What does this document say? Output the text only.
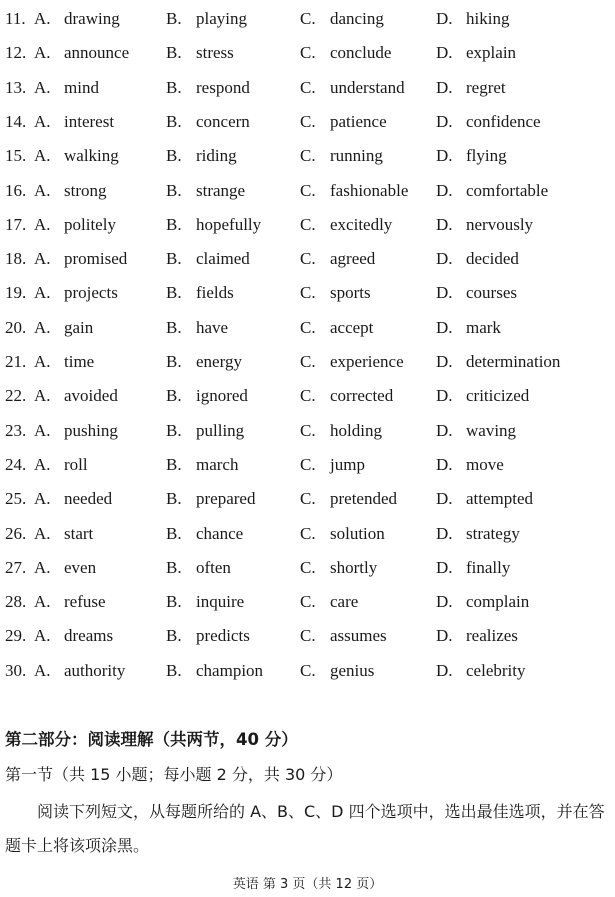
11. A. drawing	B. playing	C. dancing	D. hiking
12. A. announce B. stress	C. conclude	D. explain
13. A. mind	B. respond	C. understand D. regret
14. A. interest	B. concern	C. patience	D. confidence
15. A. walking	B. riding	C. running	D. flying
16. A. strong	B. strange	C. fashionable D. comfortable
17. A. politely	B. hopefully C. excitedly	D. nervously
18. A. promised B. claimed	C. agreed	D. decided
19. A. projects	B. fields	C. sports	D. courses
20. A. gain	B. have	C. accept	D. mark
21. A. time	B. energy	C. experience D. determination
22. A. avoided	B. ignored	C. corrected	D. criticized
23. A. pushing	B. pulling	C. holding	D. waving
24. A. roll	B. march	C. jump	D. move
25. A. needed	B. prepared	C. pretended D. attempted
26. A. start	B. chance	C. solution	D. strategy
27. A. even	B. often	C. shortly	D. finally
28. A. refuse	B. inquire	C. care	D. complain
29. A. dreams	B. predicts	C. assumes	D. realizes
30. A. authority B. champion C. genius	D. celebrity
第二部分：阅读理解（共两节，40 分）
第一节（共 15 小题；每小题 2 分，共 30 分）
阅读下列短文，从每题所给的 A、B、C、D 四个选项中，选出最佳选项，并在答题卡上将该项涂黑。
英语 第 3 页（共 12 页）
